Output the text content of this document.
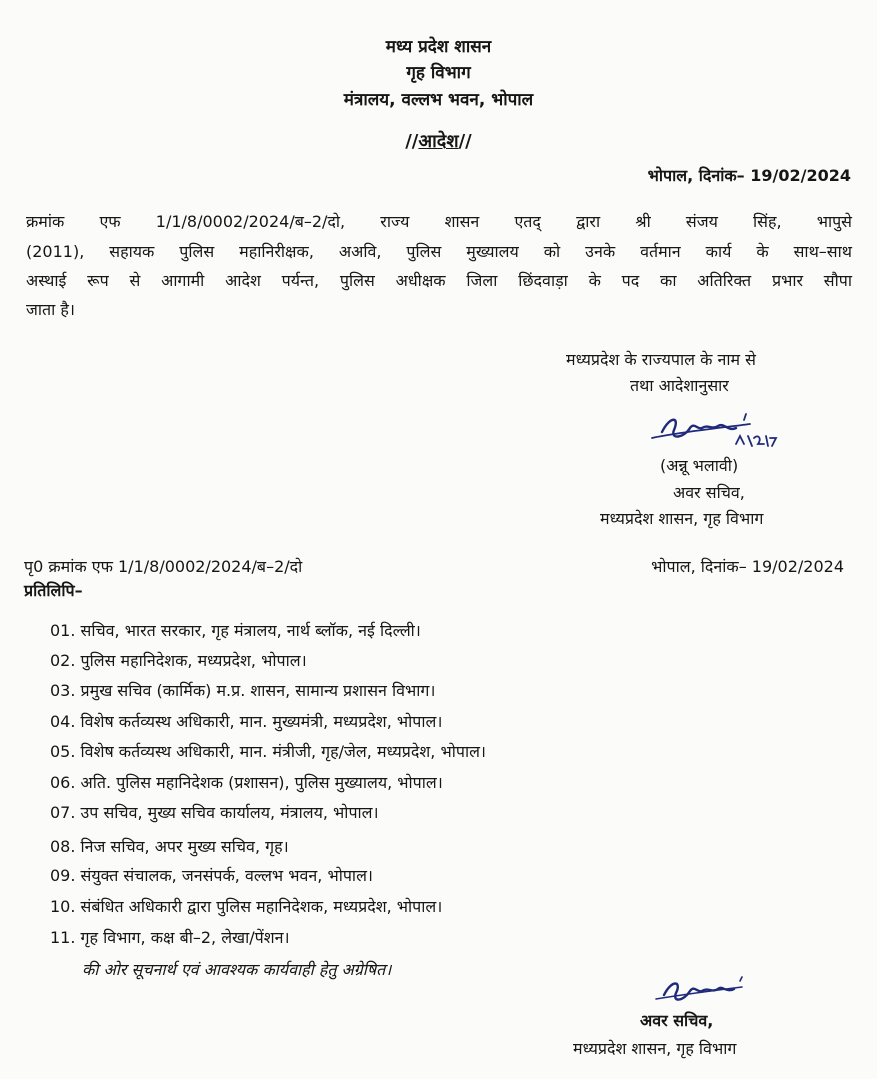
मध्य प्रदेश शासन
गृह विभाग
मंत्रालय, वल्लभ भवन, भोपाल
//आदेश//
भोपाल, दिनांक– 19/02/2024
क्रमांक एफ 1/1/8/0002/2024/ब–2/दो, राज्य शासन एतद् द्वारा श्री संजय सिंह, भापुसे
(2011), सहायक पुलिस महानिरीक्षक, अअवि, पुलिस मुख्यालय को उनके वर्तमान कार्य के साथ–साथ
अस्थाई रूप से आगामी आदेश पर्यन्त, पुलिस अधीक्षक जिला छिंदवाड़ा के पद का अतिरिक्त प्रभार सौपा
जाता है।
मध्यप्रदेश के राज्यपाल के नाम से
तथा आदेशानुसार
(अन्नू भलावी)
अवर सचिव,
मध्यप्रदेश शासन, गृह विभाग
पृ0 क्रमांक एफ 1/1/8/0002/2024/ब–2/दो	भोपाल, दिनांक– 19/02/2024
प्रतिलिपि–
01. सचिव, भारत सरकार, गृह मंत्रालय, नार्थ ब्लॉक, नई दिल्ली।
02. पुलिस महानिदेशक, मध्यप्रदेश, भोपाल।
03. प्रमुख सचिव (कार्मिक) म.प्र. शासन, सामान्य प्रशासन विभाग।
04. विशेष कर्तव्यस्थ अधिकारी, मान. मुख्यमंत्री, मध्यप्रदेश, भोपाल।
05. विशेष कर्तव्यस्थ अधिकारी, मान. मंत्रीजी, गृह/जेल, मध्यप्रदेश, भोपाल।
06. अति. पुलिस महानिदेशक (प्रशासन), पुलिस मुख्यालय, भोपाल।
07. उप सचिव, मुख्य सचिव कार्यालय, मंत्रालय, भोपाल।
08. निज सचिव, अपर मुख्य सचिव, गृह।
09. संयुक्त संचालक, जनसंपर्क, वल्लभ भवन, भोपाल।
10. संबंधित अधिकारी द्वारा पुलिस महानिदेशक, मध्यप्रदेश, भोपाल।
11. गृह विभाग, कक्ष बी–2, लेखा/पेंशन।
की ओर सूचनार्थ एवं आवश्यक कार्यवाही हेतु अग्रेषित।
अवर सचिव,
मध्यप्रदेश शासन, गृह विभाग
